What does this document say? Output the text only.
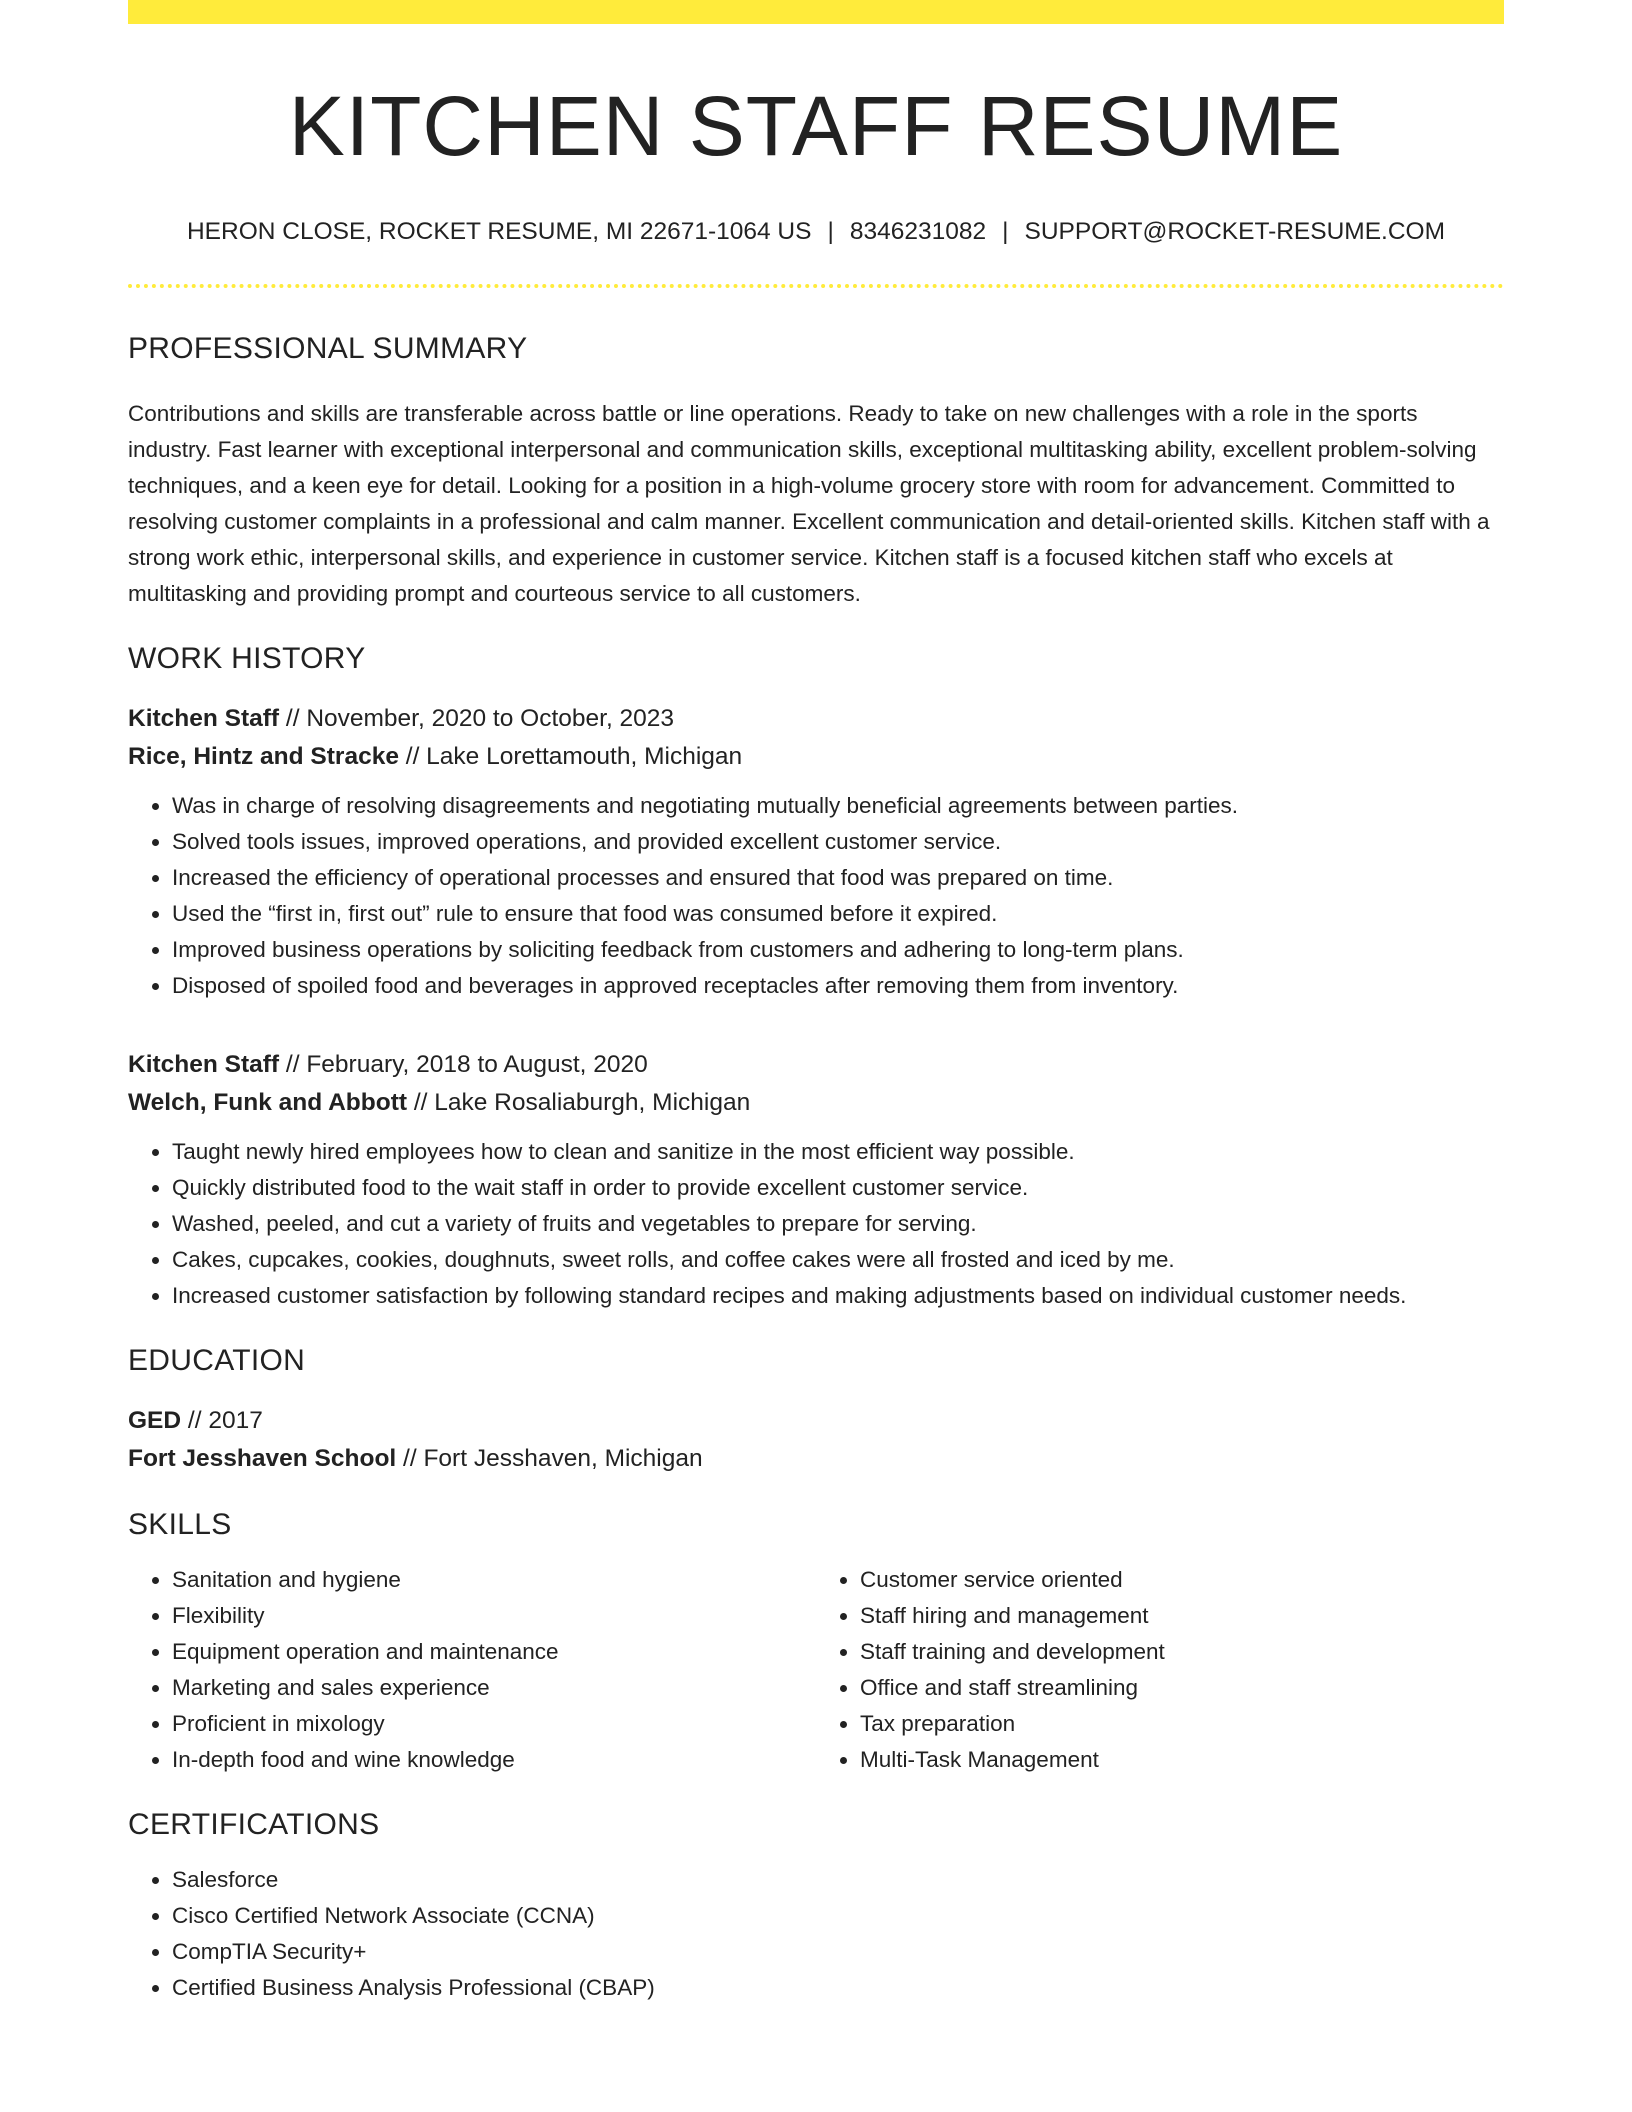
KITCHEN STAFF RESUME
HERON CLOSE, ROCKET RESUME, MI 22671-1064 US | 8346231082 | SUPPORT@ROCKET-RESUME.COM
PROFESSIONAL SUMMARY

Contributions and skills are transferable across battle or line operations. Ready to take on new challenges with a role in the sports industry. Fast learner with exceptional interpersonal and communication skills, exceptional multitasking ability, excellent problem-solving techniques, and a keen eye for detail. Looking for a position in a high-volume grocery store with room for advancement. Committed to resolving customer complaints in a professional and calm manner. Excellent communication and detail-oriented skills. Kitchen staff with a strong work ethic, interpersonal skills, and experience in customer service. Kitchen staff is a focused kitchen staff who excels at multitasking and providing prompt and courteous service to all customers.

WORK HISTORY
Kitchen Staff // November, 2020 to October, 2023
Rice, Hintz and Stracke // Lake Lorettamouth, Michigan
• Was in charge of resolving disagreements and negotiating mutually beneficial agreements between parties.
• Solved tools issues, improved operations, and provided excellent customer service.
• Increased the efficiency of operational processes and ensured that food was prepared on time.
• Used the “first in, first out” rule to ensure that food was consumed before it expired.
• Improved business operations by soliciting feedback from customers and adhering to long-term plans.
• Disposed of spoiled food and beverages in approved receptacles after removing them from inventory.
Kitchen Staff // February, 2018 to August, 2020
Welch, Funk and Abbott // Lake Rosaliaburgh, Michigan
• Taught newly hired employees how to clean and sanitize in the most efficient way possible.
• Quickly distributed food to the wait staff in order to provide excellent customer service.
• Washed, peeled, and cut a variety of fruits and vegetables to prepare for serving.
• Cakes, cupcakes, cookies, doughnuts, sweet rolls, and coffee cakes were all frosted and iced by me.
• Increased customer satisfaction by following standard recipes and making adjustments based on individual customer needs.
EDUCATION
GED // 2017
Fort Jesshaven School // Fort Jesshaven, Michigan
SKILLS
• Sanitation and hygiene
• Flexibility
• Equipment operation and maintenance
• Marketing and sales experience
• Proficient in mixology
• In-depth food and wine knowledge
• Customer service oriented
• Staff hiring and management
• Staff training and development
• Office and staff streamlining
• Tax preparation
• Multi-Task Management
CERTIFICATIONS
• Salesforce
• Cisco Certified Network Associate (CCNA)
• CompTIA Security+
• Certified Business Analysis Professional (CBAP)
